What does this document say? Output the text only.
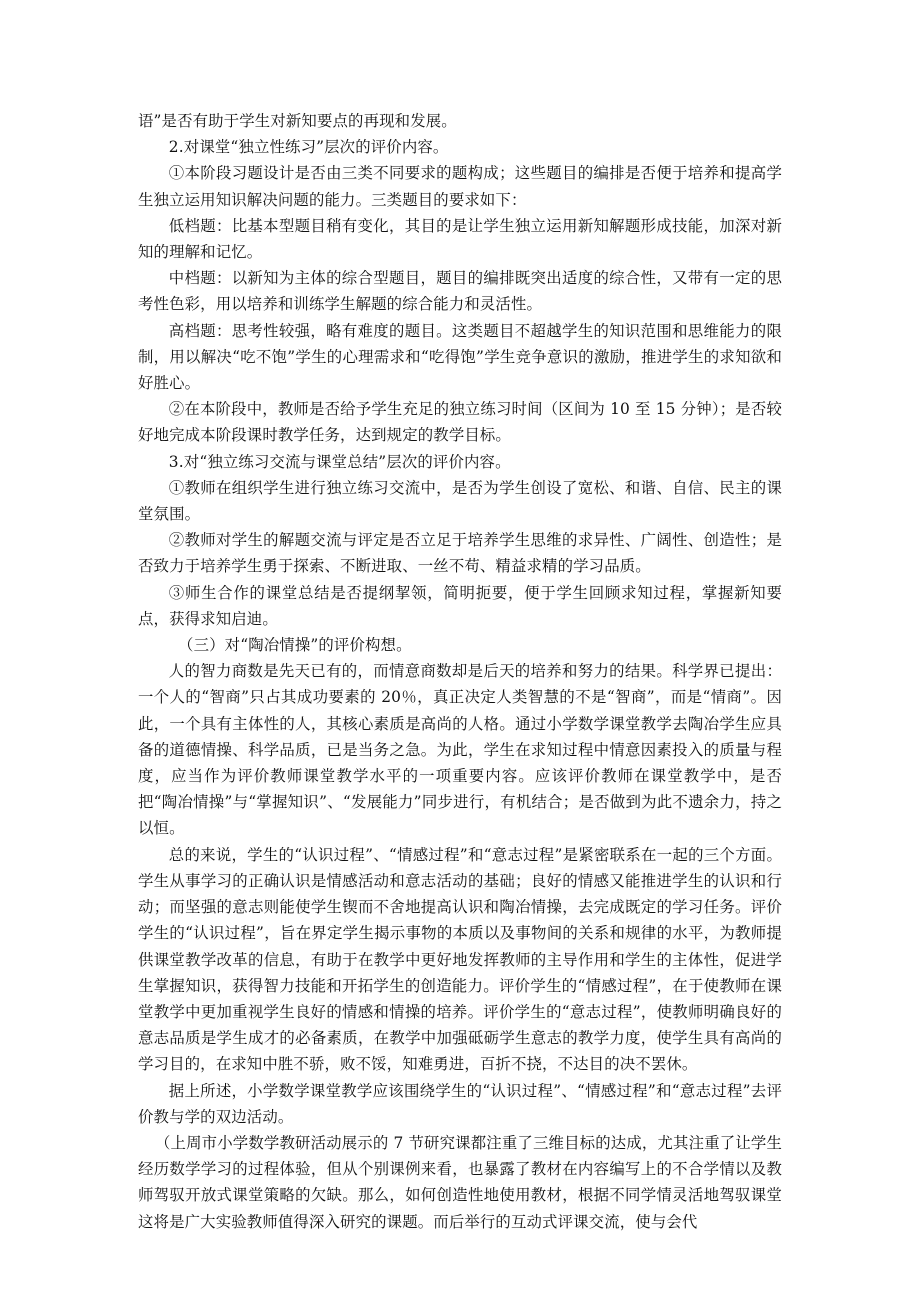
语”是否有助于学生对新知要点的再现和发展。

2.对课堂“独立性练习”层次的评价内容。

①本阶段习题设计是否由三类不同要求的题构成；这些题目的编排是否便于培养和提高学生独立运用知识解决问题的能力。三类题目的要求如下：

低档题：比基本型题目稍有变化，其目的是让学生独立运用新知解题形成技能，加深对新知的理解和记忆。

中档题：以新知为主体的综合型题目，题目的编排既突出适度的综合性，又带有一定的思考性色彩，用以培养和训练学生解题的综合能力和灵活性。

高档题：思考性较强，略有难度的题目。这类题目不超越学生的知识范围和思维能力的限制，用以解决“吃不饱”学生的心理需求和“吃得饱”学生竞争意识的激励，推进学生的求知欲和好胜心。

②在本阶段中，教师是否给予学生充足的独立练习时间（区间为 10 至 15 分钟）；是否较好地完成本阶段课时教学任务，达到规定的教学目标。

3.对“独立练习交流与课堂总结”层次的评价内容。

①教师在组织学生进行独立练习交流中，是否为学生创设了宽松、和谐、自信、民主的课堂氛围。

②教师对学生的解题交流与评定是否立足于培养学生思维的求异性、广阔性、创造性；是否致力于培养学生勇于探索、不断进取、一丝不苟、精益求精的学习品质。

③师生合作的课堂总结是否提纲挈领，简明扼要，便于学生回顾求知过程，掌握新知要点，获得求知启迪。

（三）对“陶冶情操”的评价构想。

人的智力商数是先天已有的，而情意商数却是后天的培养和努力的结果。科学界已提出：一个人的“智商”只占其成功要素的 20％，真正决定人类智慧的不是“智商”，而是“情商”。因此，一个具有主体性的人，其核心素质是高尚的人格。通过小学数学课堂教学去陶冶学生应具备的道德情操、科学品质，已是当务之急。为此，学生在求知过程中情意因素投入的质量与程度，应当作为评价教师课堂教学水平的一项重要内容。应该评价教师在课堂教学中，是否把“陶冶情操”与“掌握知识”、“发展能力”同步进行，有机结合；是否做到为此不遗余力，持之以恒。

总的来说，学生的“认识过程”、“情感过程”和“意志过程”是紧密联系在一起的三个方面。学生从事学习的正确认识是情感活动和意志活动的基础；良好的情感又能推进学生的认识和行动；而坚强的意志则能使学生锲而不舍地提高认识和陶冶情操，去完成既定的学习任务。评价学生的“认识过程”，旨在界定学生揭示事物的本质以及事物间的关系和规律的水平，为教师提供课堂教学改革的信息，有助于在教学中更好地发挥教师的主导作用和学生的主体性，促进学生掌握知识，获得智力技能和开拓学生的创造能力。评价学生的“情感过程”，在于使教师在课堂教学中更加重视学生良好的情感和情操的培养。评价学生的“意志过程”，使教师明确良好的意志品质是学生成才的必备素质，在教学中加强砥砺学生意志的教学力度，使学生具有高尚的学习目的，在求知中胜不骄，败不馁，知难勇进，百折不挠，不达目的决不罢休。

据上所述，小学数学课堂教学应该围绕学生的“认识过程”、“情感过程”和“意志过程”去评价教与学的双边活动。

（上周市小学数学教研活动展示的 7 节研究课都注重了三维目标的达成，尤其注重了让学生经历数学学习的过程体验，但从个别课例来看，也暴露了教材在内容编写上的不合学情以及教师驾驭开放式课堂策略的欠缺。那么，如何创造性地使用教材，根据不同学情灵活地驾驭课堂这将是广大实验教师值得深入研究的课题。而后举行的互动式评课交流，使与会代
